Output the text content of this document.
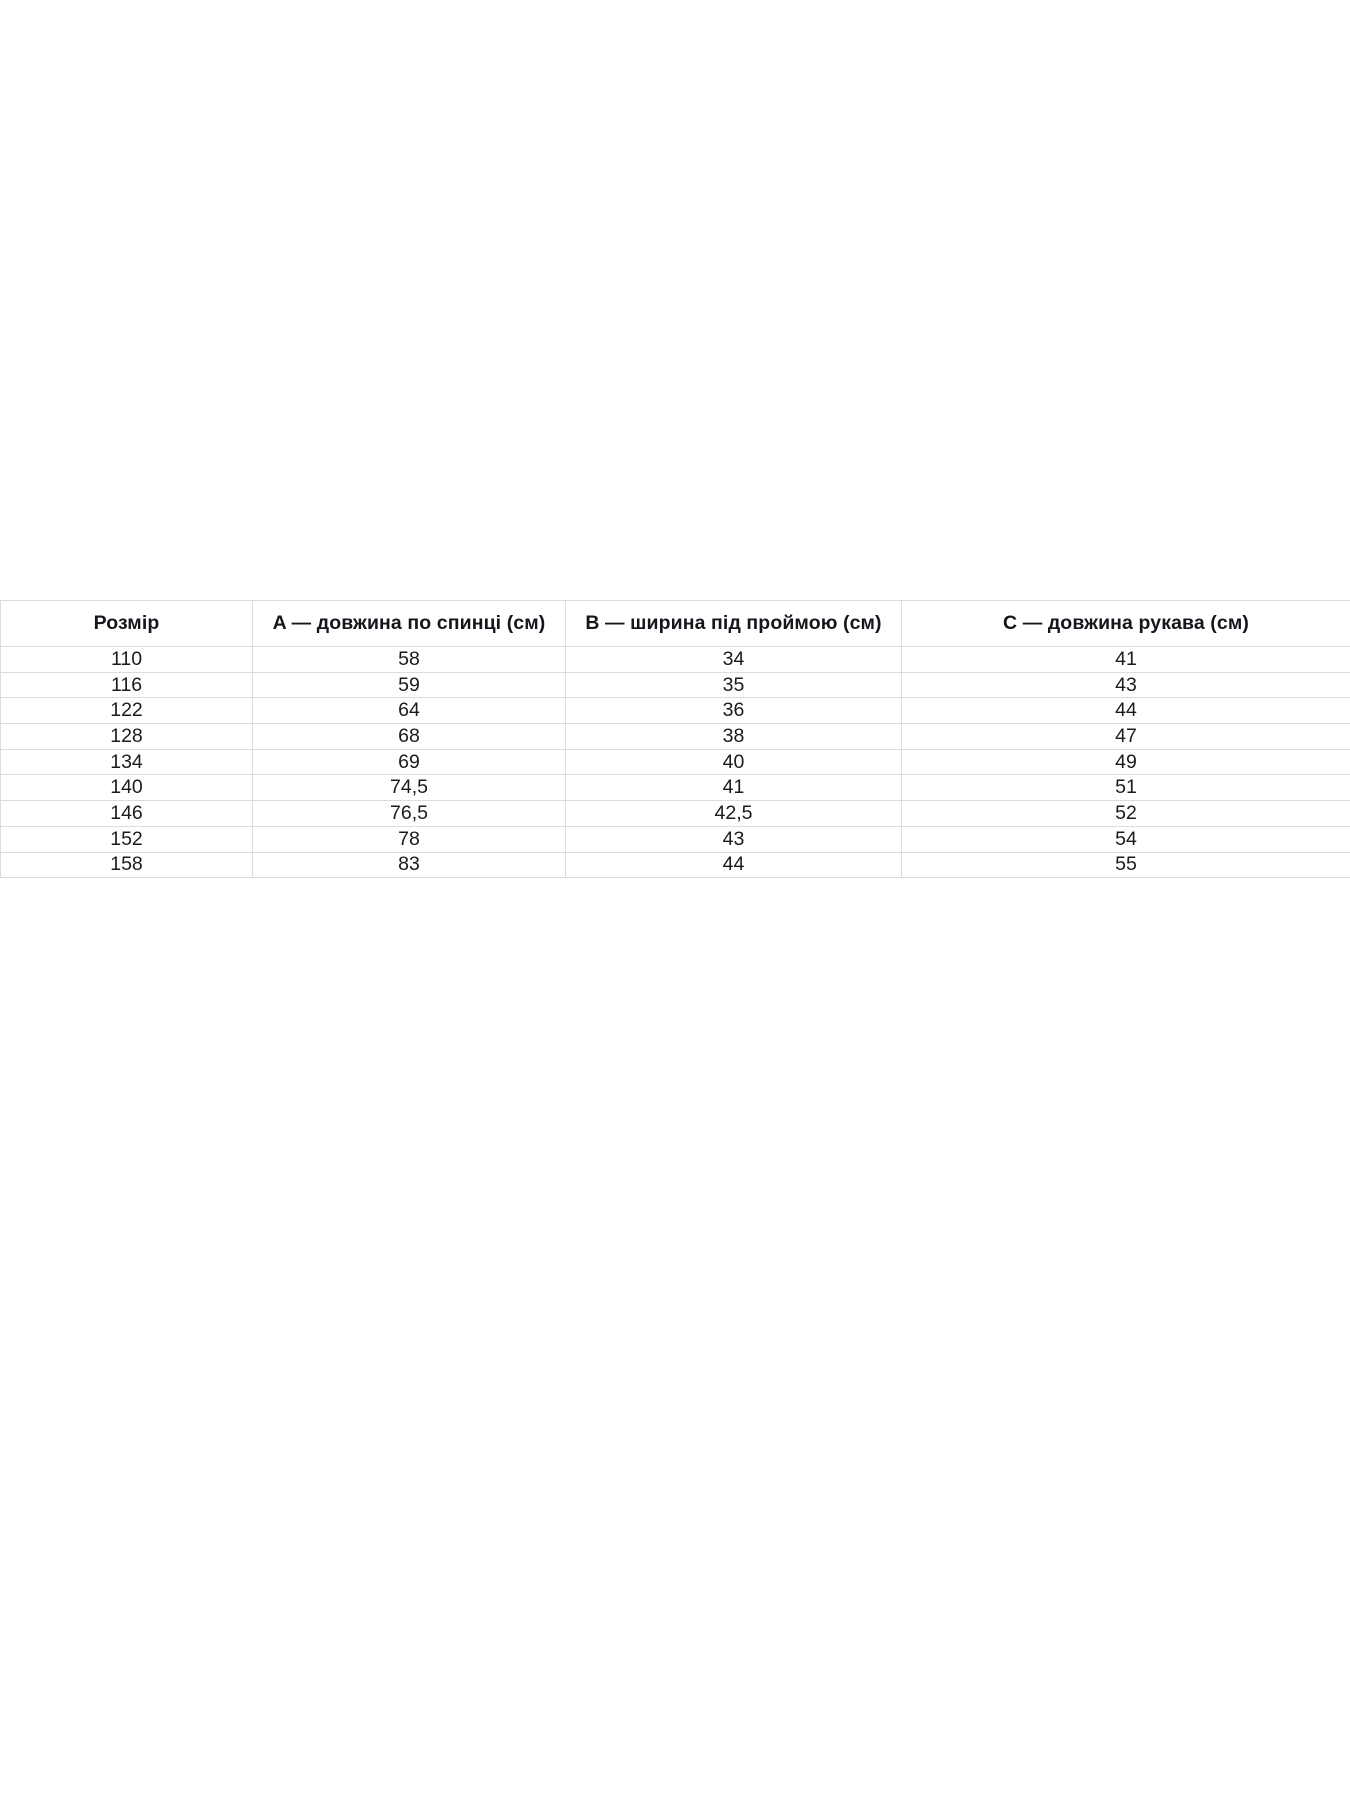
Розмір	A — довжина по спинці (см)	B — ширина під проймою (см)	C — довжина рукава (см)
110	58	34	41
116	59	35	43
122	64	36	44
128	68	38	47
134	69	40	49
140	74,5	41	51
146	76,5	42,5	52
152	78	43	54
158	83	44	55
